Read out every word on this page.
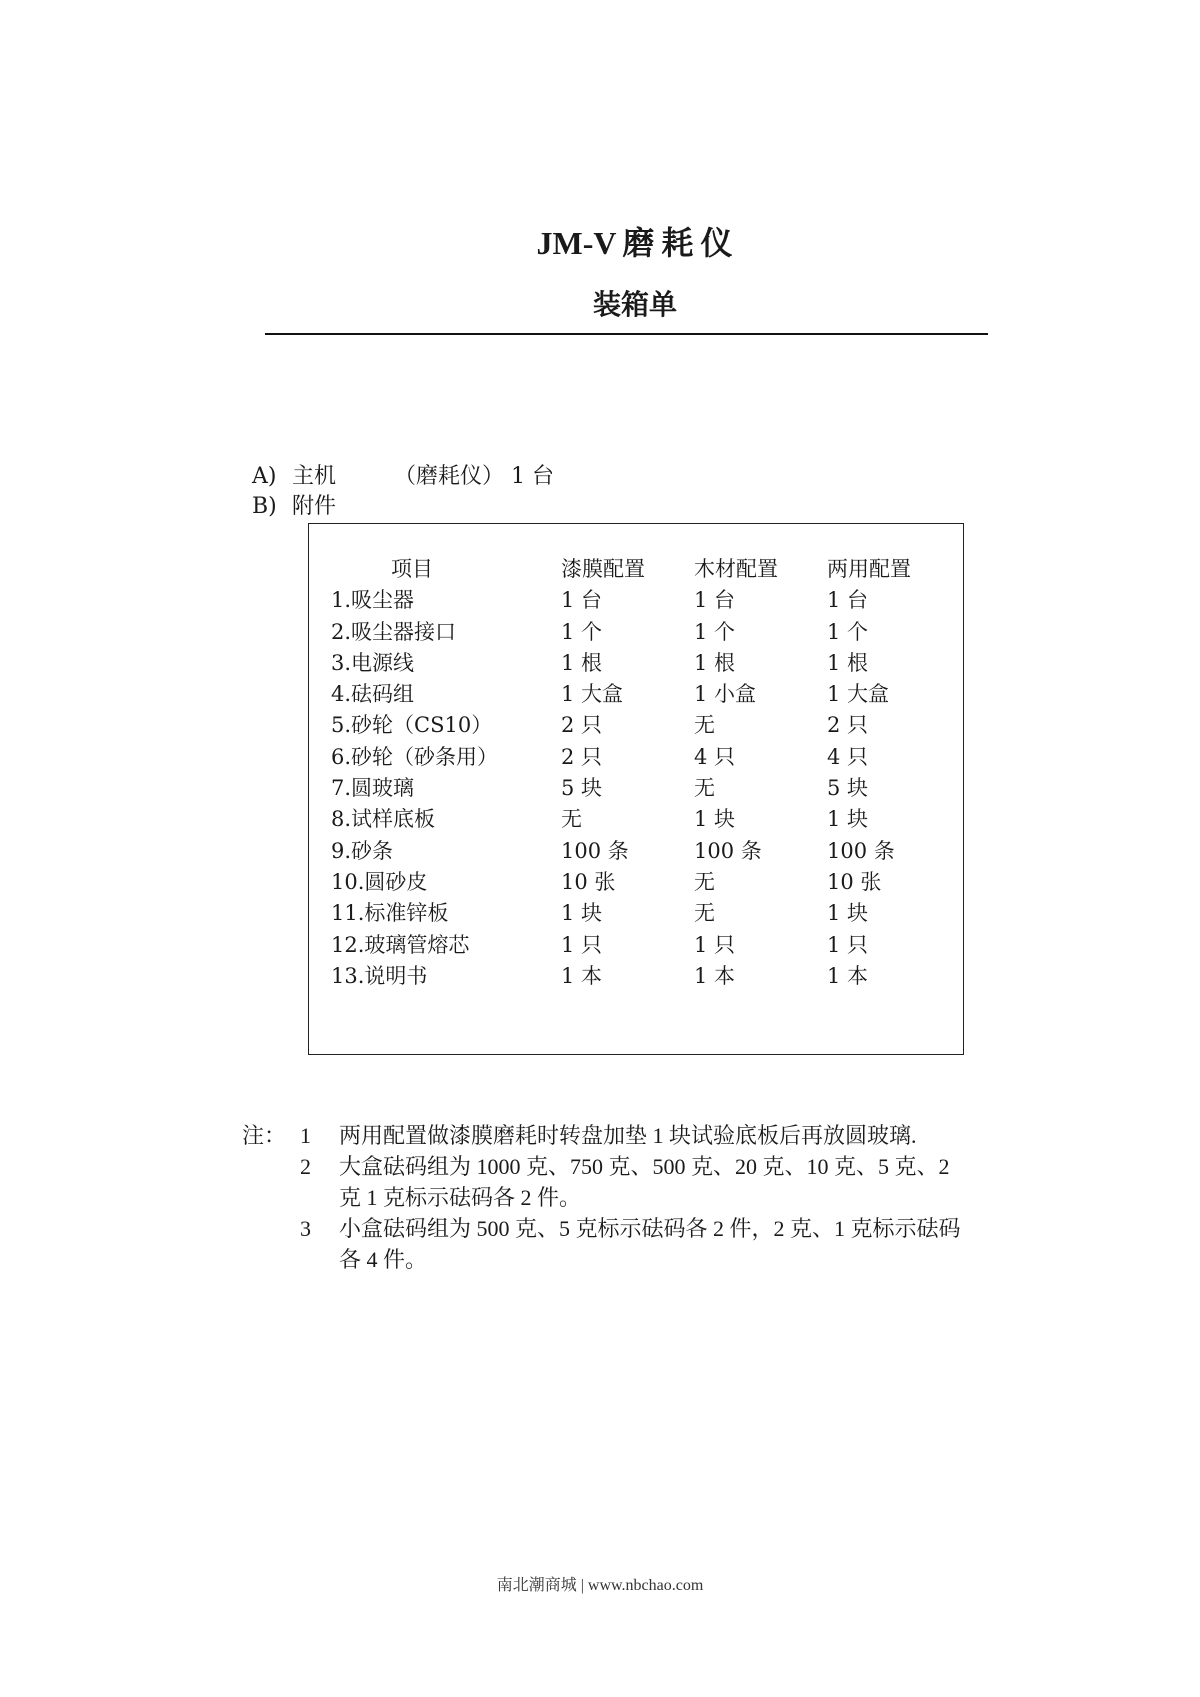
JM-V 磨 耗 仪
装箱单
A) 主机	（磨耗仪） 1 台
B) 附件
项目	漆膜配置 木材配置 两用配置
1.吸尘器	1 台	1 台	1 台
2.吸尘器接口	1 个	1 个	1 个
3.电源线	1 根	1 根	1 根
4.砝码组	1 大盒	1 小盒	1 大盒
5.砂轮（CS10）	2 只	无	2 只
6.砂轮（砂条用）	2 只	4 只	4 只
7.圆玻璃	5 块	无	5 块
8.试样底板	无	1 块	1 块
9.砂条	100 条	100 条	100 条
10.圆砂皮	10 张	无	10 张
11.标准锌板	1 块	无	1 块
12.玻璃管熔芯	1 只	1 只	1 只
13.说明书	1 本	1 本	1 本
注： 1 两用配置做漆膜磨耗时转盘加垫 1 块试验底板后再放圆玻璃.
2 大盒砝码组为 1000 克、750 克、500 克、20 克、10 克、5 克、2
克 1 克标示砝码各 2 件。
3 小盒砝码组为 500 克、5 克标示砝码各 2 件，2 克、1 克标示砝码
各 4 件。
南北潮商城 | www.nbchao.com
